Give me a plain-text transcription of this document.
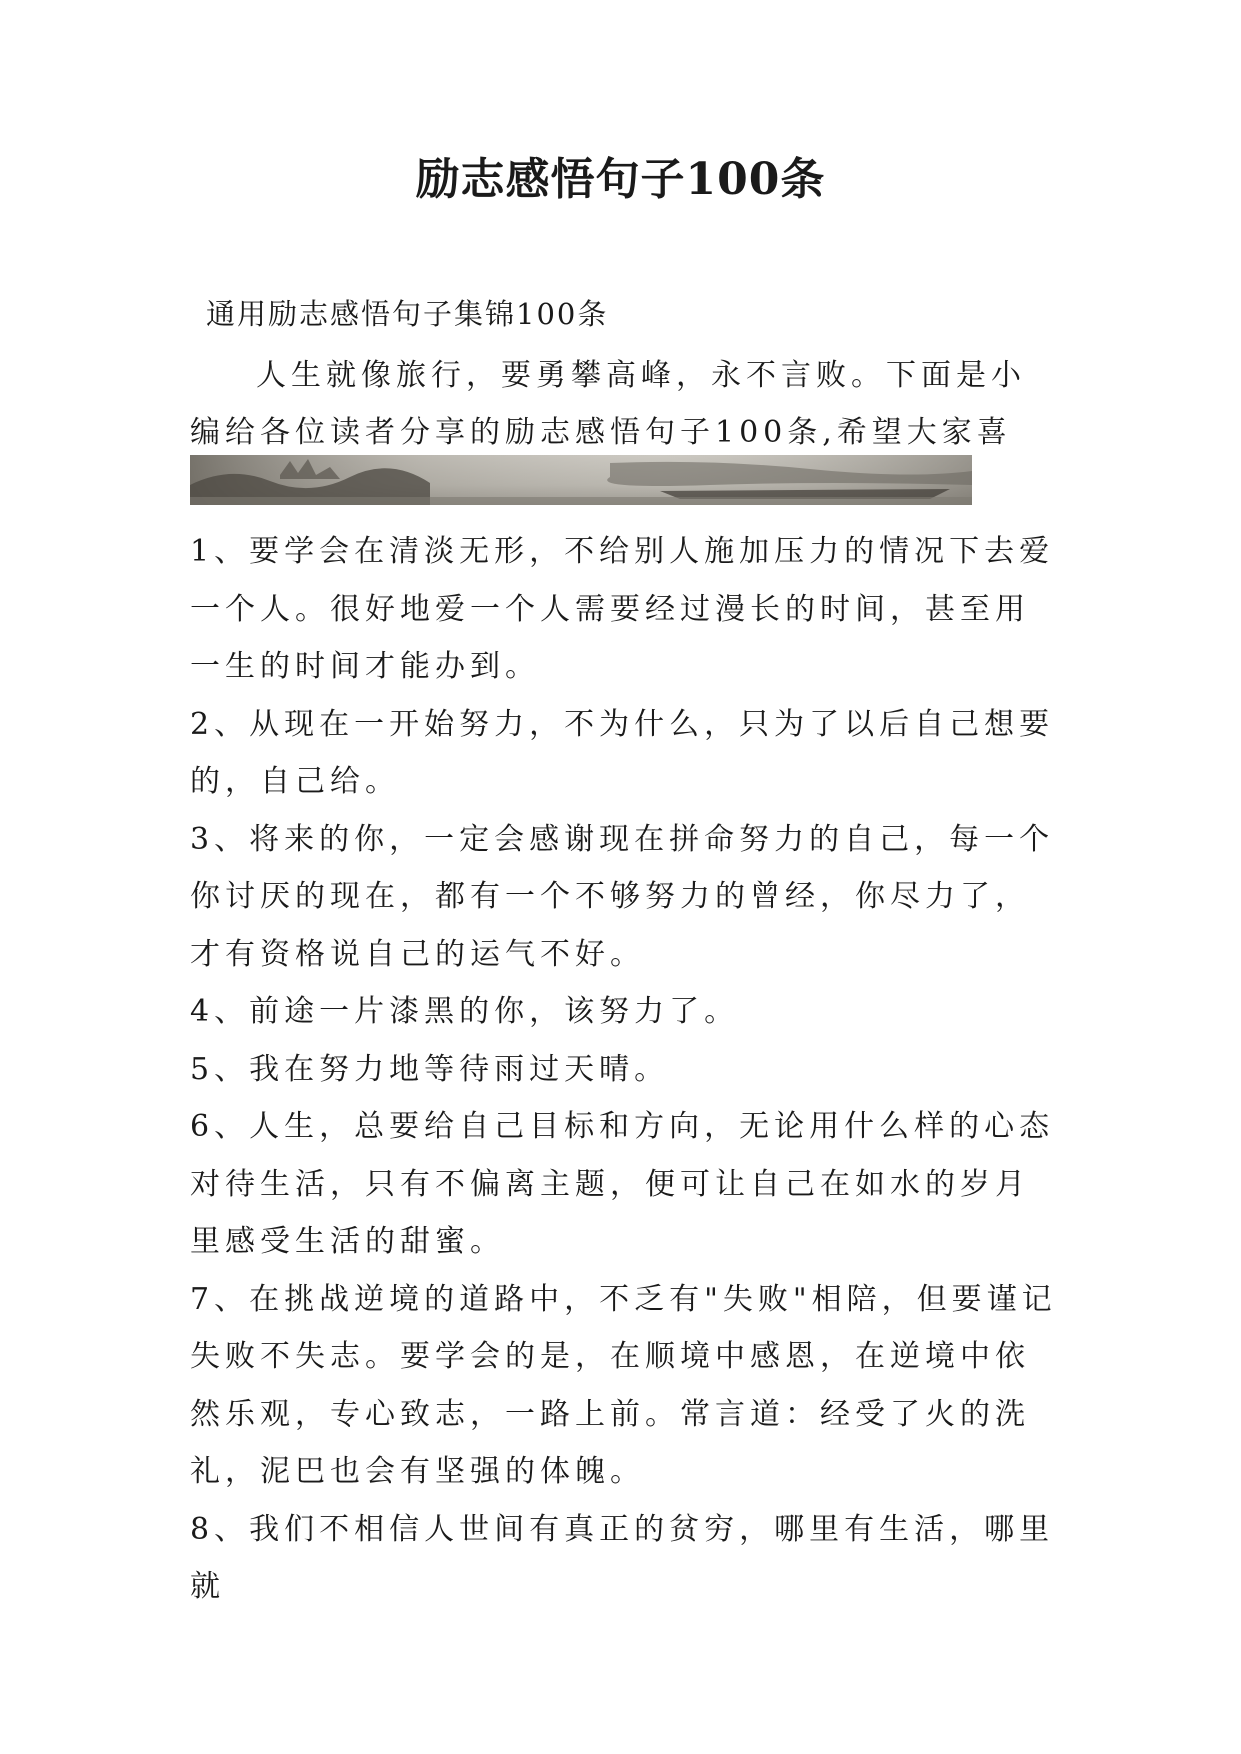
励志感悟句子100条
通用励志感悟句子集锦100条

人生就像旅行，要勇攀高峰，永不言败。下面是小编给各位读者分享的励志感悟句子100条,希望大家喜

1、要学会在清淡无形，不给别人施加压力的情况下去爱一个人。很好地爱一个人需要经过漫长的时间，甚至用一生的时间才能办到。
2、从现在一开始努力，不为什么，只为了以后自己想要的，自己给。
3、将来的你，一定会感谢现在拼命努力的自己，每一个你讨厌的现在，都有一个不够努力的曾经，你尽力了，才有资格说自己的运气不好。
4、前途一片漆黑的你，该努力了。
5、我在努力地等待雨过天晴。
6、人生，总要给自己目标和方向，无论用什么样的心态对待生活，只有不偏离主题，便可让自己在如水的岁月里感受生活的甜蜜。
7、在挑战逆境的道路中，不乏有"失败"相陪，但要谨记失败不失志。要学会的是，在顺境中感恩，在逆境中依然乐观，专心致志，一路上前。常言道：经受了火的洗礼，泥巴也会有坚强的体魄。
8、我们不相信人世间有真正的贫穷，哪里有生活，哪里就
